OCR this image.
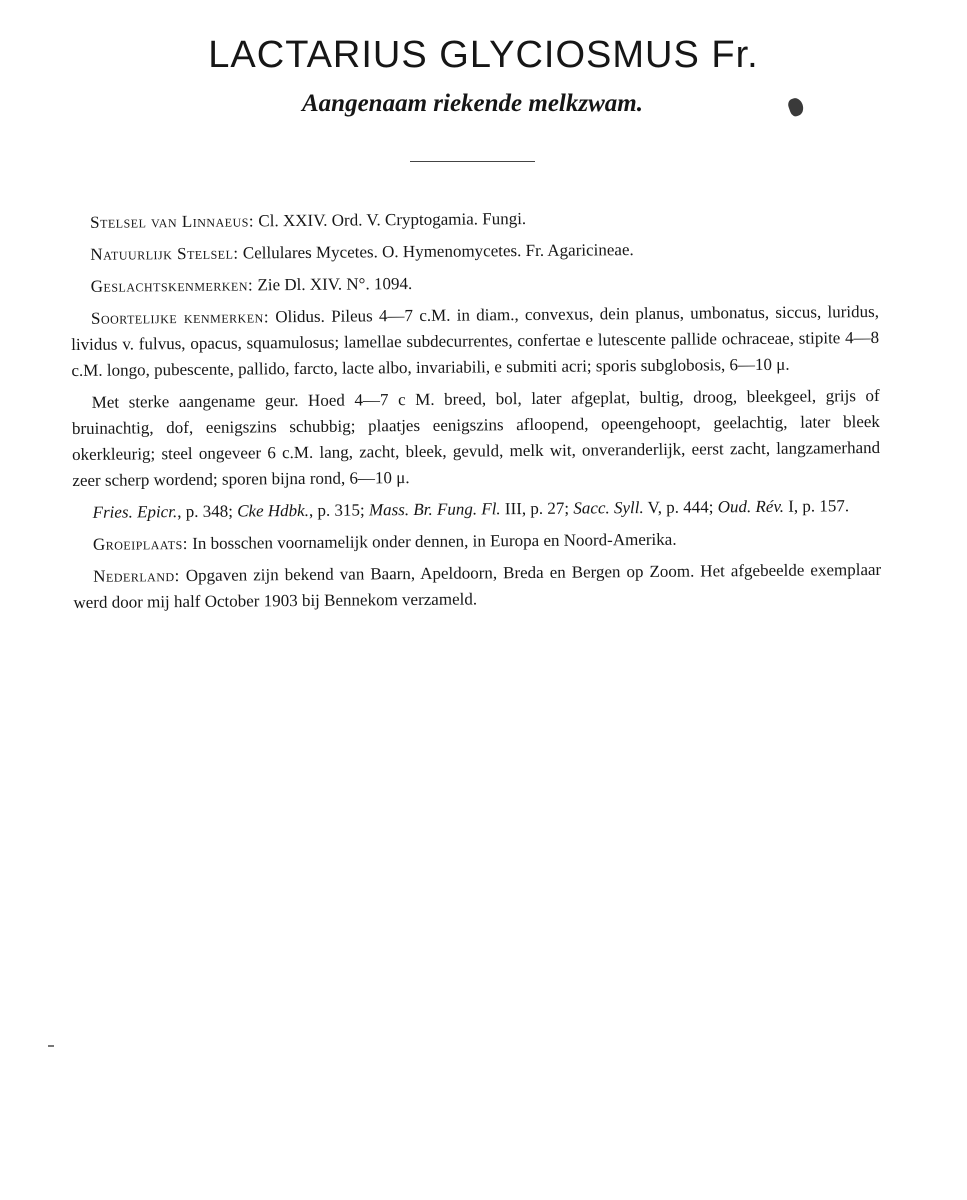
LACTARIUS GLYCIOSMUS Fr.
Aangenaam riekende melkzwam.

Stelsel van Linnaeus: Cl. XXIV. Ord. V. Cryptogamia. Fungi.

Natuurlijk Stelsel: Cellulares Mycetes. O. Hymenomycetes. Fr. Agaricineae.

Geslachtskenmerken: Zie Dl. XIV. N°. 1094.

Soortelijke kenmerken: Olidus. Pileus 4—7 c.M. in diam., convexus, dein planus, umbonatus, siccus, luridus, lividus v. fulvus, opacus, squamulosus; lamellae subdecurrentes, confertae e lutescente pallide ochraceae, stipite 4—8 c.M. longo, pubescente, pallido, farcto, lacte albo, invariabili, e submiti acri; sporis subglobosis, 6—10 μ.

Met sterke aangename geur. Hoed 4—7 c M. breed, bol, later afgeplat, bultig, droog, bleekgeel, grijs of bruinachtig, dof, eenigszins schubbig; plaatjes eenigszins afloopend, opeengehoopt, geelachtig, later bleek okerkleurig; steel ongeveer 6 c.M. lang, zacht, bleek, gevuld, melk wit, onveranderlijk, eerst zacht, langzamerhand zeer scherp wordend; sporen bijna rond, 6—10 μ.

Fries. Epicr., p. 348; Cke Hdbk., p. 315; Mass. Br. Fung. Fl. III, p. 27; Sacc. Syll. V, p. 444; Oud. Rév. I, p. 157.

Groeiplaats: In bosschen voornamelijk onder dennen, in Europa en Noord-Amerika.

Nederland: Opgaven zijn bekend van Baarn, Apeldoorn, Breda en Bergen op Zoom. Het afgebeelde exemplaar werd door mij half October 1903 bij Bennekom verzameld.
